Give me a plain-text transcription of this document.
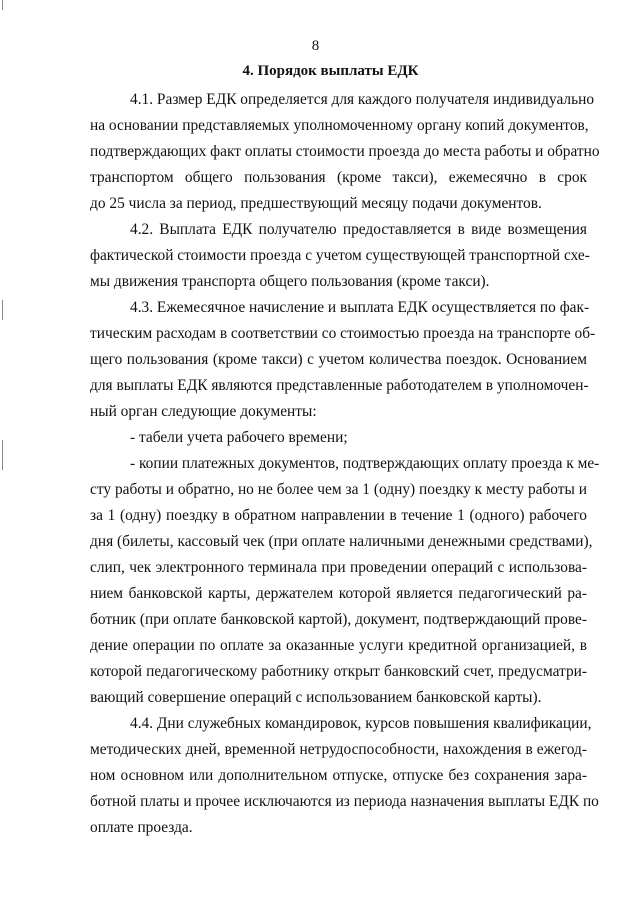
8
4. Порядок выплаты ЕДК
4.1. Размер ЕДК определяется для каждого получателя индивидуально
на основании представляемых уполномоченному органу копий документов,
подтверждающих факт оплаты стоимости проезда до места работы и обратно
транспортом общего пользования (кроме такси), ежемесячно в срок
до 25 числа за период, предшествующий месяцу подачи документов.
4.2. Выплата ЕДК получателю предоставляется в виде возмещения
фактической стоимости проезда с учетом существующей транспортной схе-
мы движения транспорта общего пользования (кроме такси).
4.3. Ежемесячное начисление и выплата ЕДК осуществляется по фак-
тическим расходам в соответствии со стоимостью проезда на транспорте об-
щего пользования (кроме такси) с учетом количества поездок. Основанием
для выплаты ЕДК являются представленные работодателем в уполномочен-
ный орган следующие документы:
- табели учета рабочего времени;
- копии платежных документов, подтверждающих оплату проезда к ме-
сту работы и обратно, но не более чем за 1 (одну) поездку к месту работы и
за 1 (одну) поездку в обратном направлении в течение 1 (одного) рабочего
дня (билеты, кассовый чек (при оплате наличными денежными средствами),
слип, чек электронного терминала при проведении операций с использова-
нием банковской карты, держателем которой является педагогический ра-
ботник (при оплате банковской картой), документ, подтверждающий прове-
дение операции по оплате за оказанные услуги кредитной организацией, в
которой педагогическому работнику открыт банковский счет, предусматри-
вающий совершение операций с использованием банковской карты).
4.4. Дни служебных командировок, курсов повышения квалификации,
методических дней, временной нетрудоспособности, нахождения в ежегод-
ном основном или дополнительном отпуске, отпуске без сохранения зара-
ботной платы и прочее исключаются из периода назначения выплаты ЕДК по
оплате проезда.
